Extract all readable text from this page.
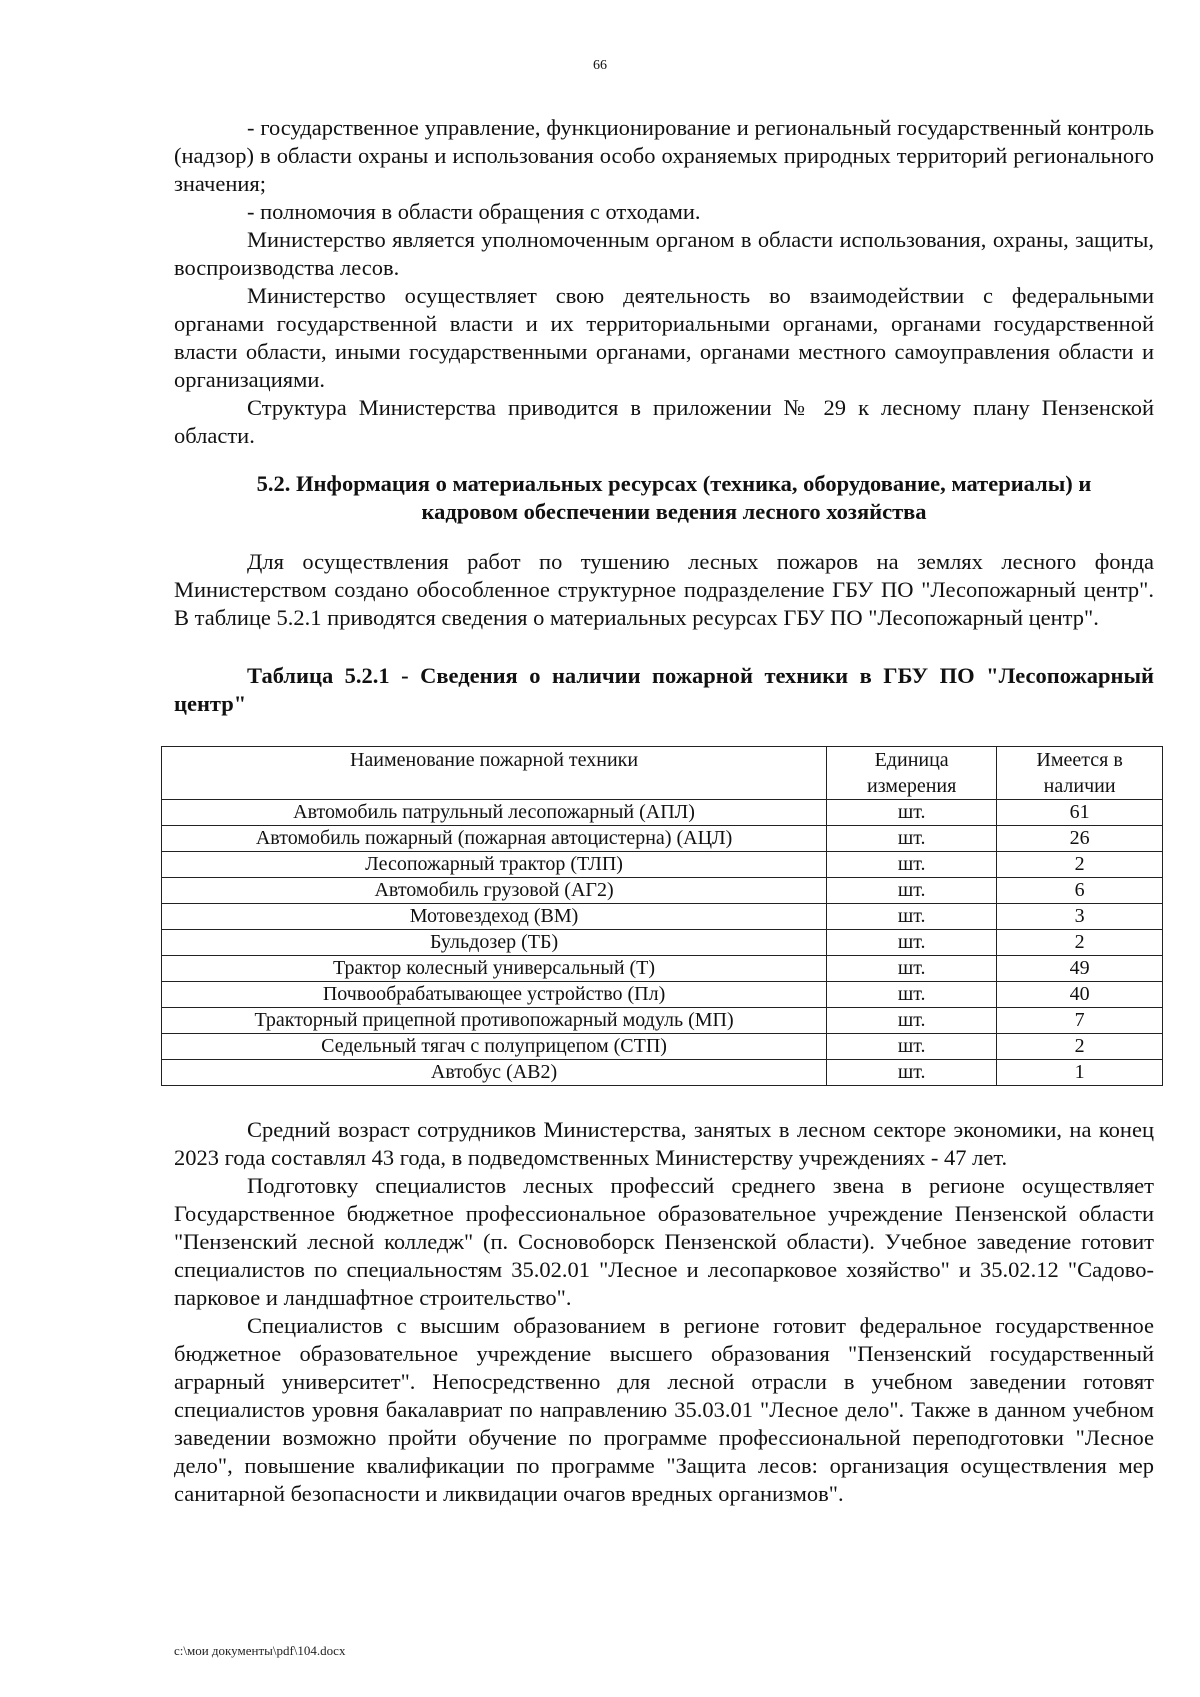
66

- государственное управление, функционирование и региональный государственный контроль (надзор) в области охраны и использования особо охраняемых природных территорий регионального значения;

- полномочия в области обращения с отходами.

Министерство является уполномоченным органом в области использования, охраны, защиты, воспроизводства лесов.

Министерство осуществляет свою деятельность во взаимодействии с федеральными органами государственной власти и их территориальными органами, органами государственной власти области, иными государственными органами, органами местного самоуправления области и организациями.

Структура Министерства приводится в приложении № 29 к лесному плану Пензенской области.

5.2. Информация о материальных ресурсах (техника, оборудование, материалы) и кадровом обеспечении ведения лесного хозяйства

Для осуществления работ по тушению лесных пожаров на землях лесного фонда Министерством создано обособленное структурное подразделение ГБУ ПО "Лесопожарный центр". В таблице 5.2.1 приводятся сведения о материальных ресурсах ГБУ ПО "Лесопожарный центр".

Таблица 5.2.1 - Сведения о наличии пожарной техники в ГБУ ПО "Лесопожарный центр"

Наименование пожарной техники	Единица измерения	Имеется в наличии
Автомобиль патрульный лесопожарный (АПЛ)	шт.	61
Автомобиль пожарный (пожарная автоцистерна) (АЦЛ)	шт.	26
Лесопожарный трактор (ТЛП)	шт.	2
Автомобиль грузовой (АГ2)	шт.	6
Мотовездеход (ВМ)	шт.	3
Бульдозер (ТБ)	шт.	2
Трактор колесный универсальный (Т)	шт.	49
Почвообрабатывающее устройство (Пл)	шт.	40
Тракторный прицепной противопожарный модуль (МП)	шт.	7
Седельный тягач с полуприцепом (СТП)	шт.	2
Автобус (АВ2)	шт.	1

Средний возраст сотрудников Министерства, занятых в лесном секторе экономики, на конец 2023 года составлял 43 года, в подведомственных Министерству учреждениях - 47 лет.

Подготовку специалистов лесных профессий среднего звена в регионе осуществляет Государственное бюджетное профессиональное образовательное учреждение Пензенской области "Пензенский лесной колледж" (п. Сосновоборск Пензенской области). Учебное заведение готовит специалистов по специальностям 35.02.01 "Лесное и лесопарковое хозяйство" и 35.02.12 "Садово-парковое и ландшафтное строительство".

Специалистов с высшим образованием в регионе готовит федеральное государственное бюджетное образовательное учреждение высшего образования "Пензенский государственный аграрный университет". Непосредственно для лесной отрасли в учебном заведении готовят специалистов уровня бакалавриат по направлению 35.03.01 "Лесное дело". Также в данном учебном заведении возможно пройти обучение по программе профессиональной переподготовки "Лесное дело", повышение квалификации по программе "Защита лесов: организация осуществления мер санитарной безопасности и ликвидации очагов вредных организмов".

c:\мои документы\pdf\104.docx
